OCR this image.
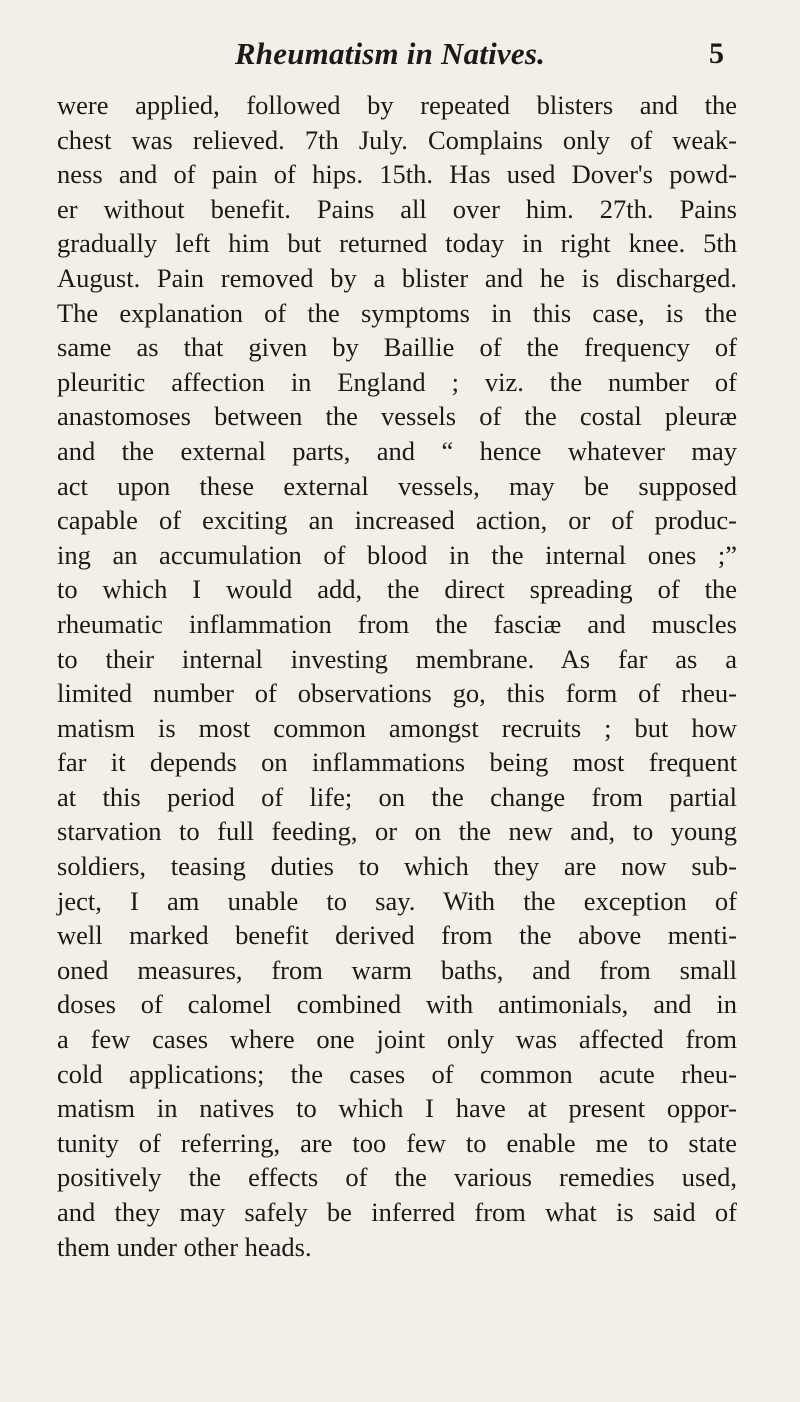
Rheumatism in Natives.	5
were applied, followed by repeated blisters and the
chest was relieved. 7th July. Complains only of weak-
ness and of pain of hips. 15th. Has used Dover's powd-
er without benefit. Pains all over him. 27th. Pains
gradually left him but returned today in right knee. 5th
August. Pain removed by a blister and he is discharged.
The explanation of the symptoms in this case, is the
same as that given by Baillie of the frequency of
pleuritic affection in England ; viz. the number of
anastomoses between the vessels of the costal pleuræ
and the external parts, and “ hence whatever may
act upon these external vessels, may be supposed
capable of exciting an increased action, or of produc-
ing an accumulation of blood in the internal ones ;”
to which I would add, the direct spreading of the
rheumatic inflammation from the fasciæ and muscles
to their internal investing membrane. As far as a
limited number of observations go, this form of rheu-
matism is most common amongst recruits ; but how
far it depends on inflammations being most frequent
at this period of life; on the change from partial
starvation to full feeding, or on the new and, to young
soldiers, teasing duties to which they are now sub-
ject, I am unable to say. With the exception of
well marked benefit derived from the above menti-
oned measures, from warm baths, and from small
doses of calomel combined with antimonials, and in
a few cases where one joint only was affected from
cold applications; the cases of common acute rheu-
matism in natives to which I have at present oppor-
tunity of referring, are too few to enable me to state
positively the effects of the various remedies used,
and they may safely be inferred from what is said of
them under other heads.
